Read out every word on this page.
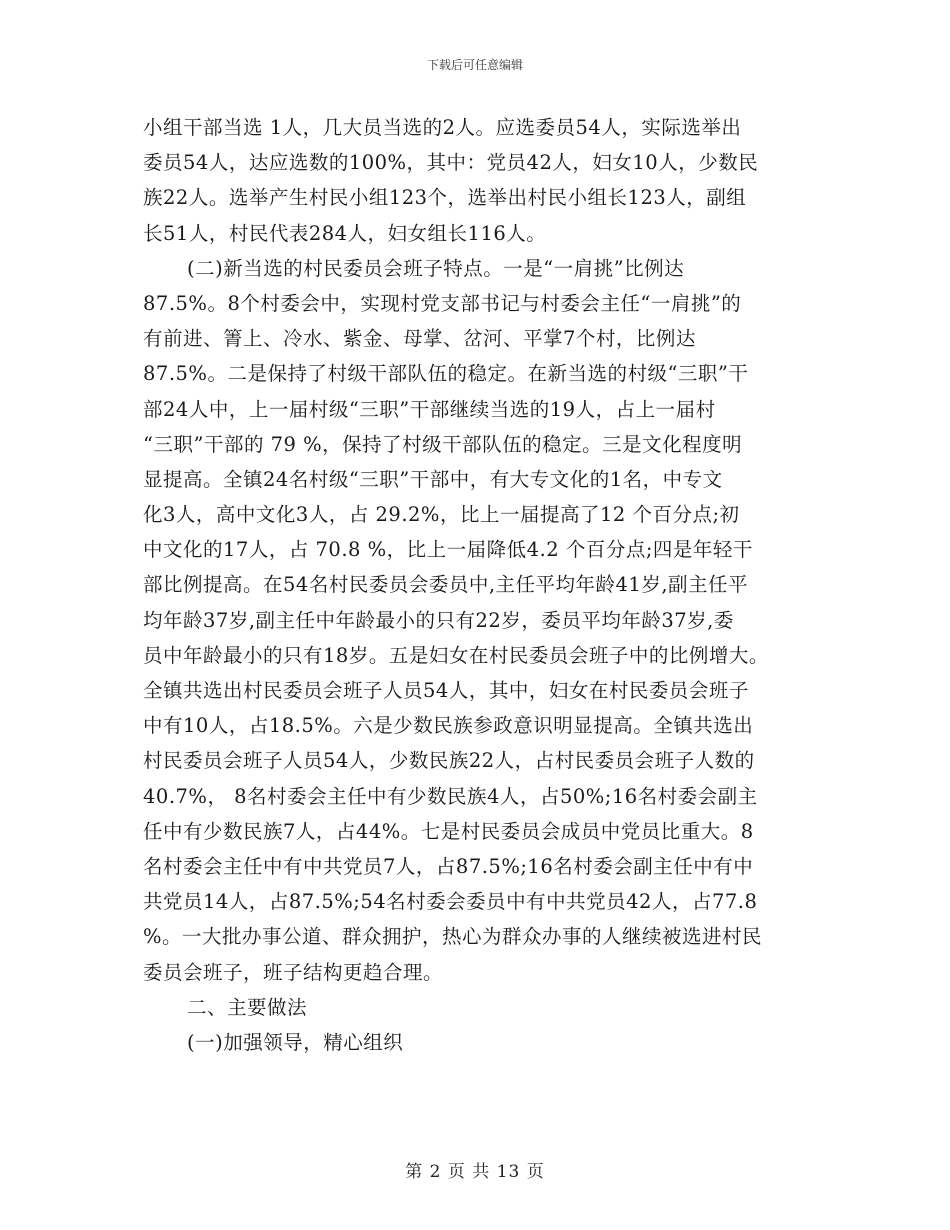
下载后可任意编辑
小组干部当选 1人，几大员当选的2人。应选委员54人，实际选举出
委员54人，达应选数的100%，其中：党员42人，妇女10人，少数民
族22人。选举产生村民小组123个，选举出村民小组长123人，副组
长51人，村民代表284人，妇女组长116人。
(二)新当选的村民委员会班子特点。一是“一肩挑”比例达
87.5%。8个村委会中，实现村党支部书记与村委会主任“一肩挑”的
有前进、箐上、冷水、紫金、母掌、岔河、平掌7个村，比例达
87.5%。二是保持了村级干部队伍的稳定。在新当选的村级“三职”干
部24人中，上一届村级“三职”干部继续当选的19人，占上一届村
“三职”干部的 79 %，保持了村级干部队伍的稳定。三是文化程度明
显提高。全镇24名村级“三职”干部中，有大专文化的1名，中专文
化3人，高中文化3人，占 29.2%，比上一届提高了12 个百分点;初
中文化的17人，占 70.8 %，比上一届降低4.2 个百分点;四是年轻干
部比例提高。在54名村民委员会委员中,主任平均年龄41岁,副主任平
均年龄37岁,副主任中年龄最小的只有22岁，委员平均年龄37岁,委
员中年龄最小的只有18岁。五是妇女在村民委员会班子中的比例增大。
全镇共选出村民委员会班子人员54人，其中，妇女在村民委员会班子
中有10人，占18.5%。六是少数民族参政意识明显提高。全镇共选出
村民委员会班子人员54人，少数民族22人，占村民委员会班子人数的
40.7%， 8名村委会主任中有少数民族4人，占50%;16名村委会副主
任中有少数民族7人，占44%。七是村民委员会成员中党员比重大。8
名村委会主任中有中共党员7人，占87.5%;16名村委会副主任中有中
共党员14人，占87.5%;54名村委会委员中有中共党员42人，占77.8
%。一大批办事公道、群众拥护，热心为群众办事的人继续被选进村民
委员会班子，班子结构更趋合理。
二、主要做法
(一)加强领导，精心组织
第 2 页 共 13 页
